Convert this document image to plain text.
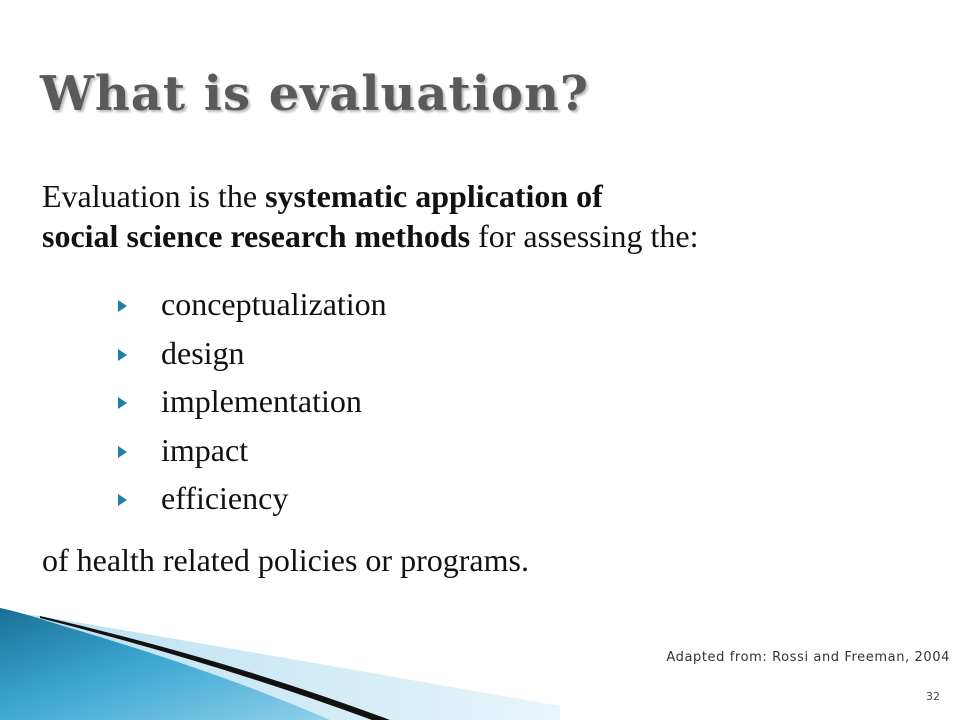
What is evaluation?

Evaluation is the systematic application of
social science research methods for assessing the:

conceptualization
design
implementation
impact
efficiency

of health related policies or programs.

Adapted from: Rossi and Freeman, 2004
32
